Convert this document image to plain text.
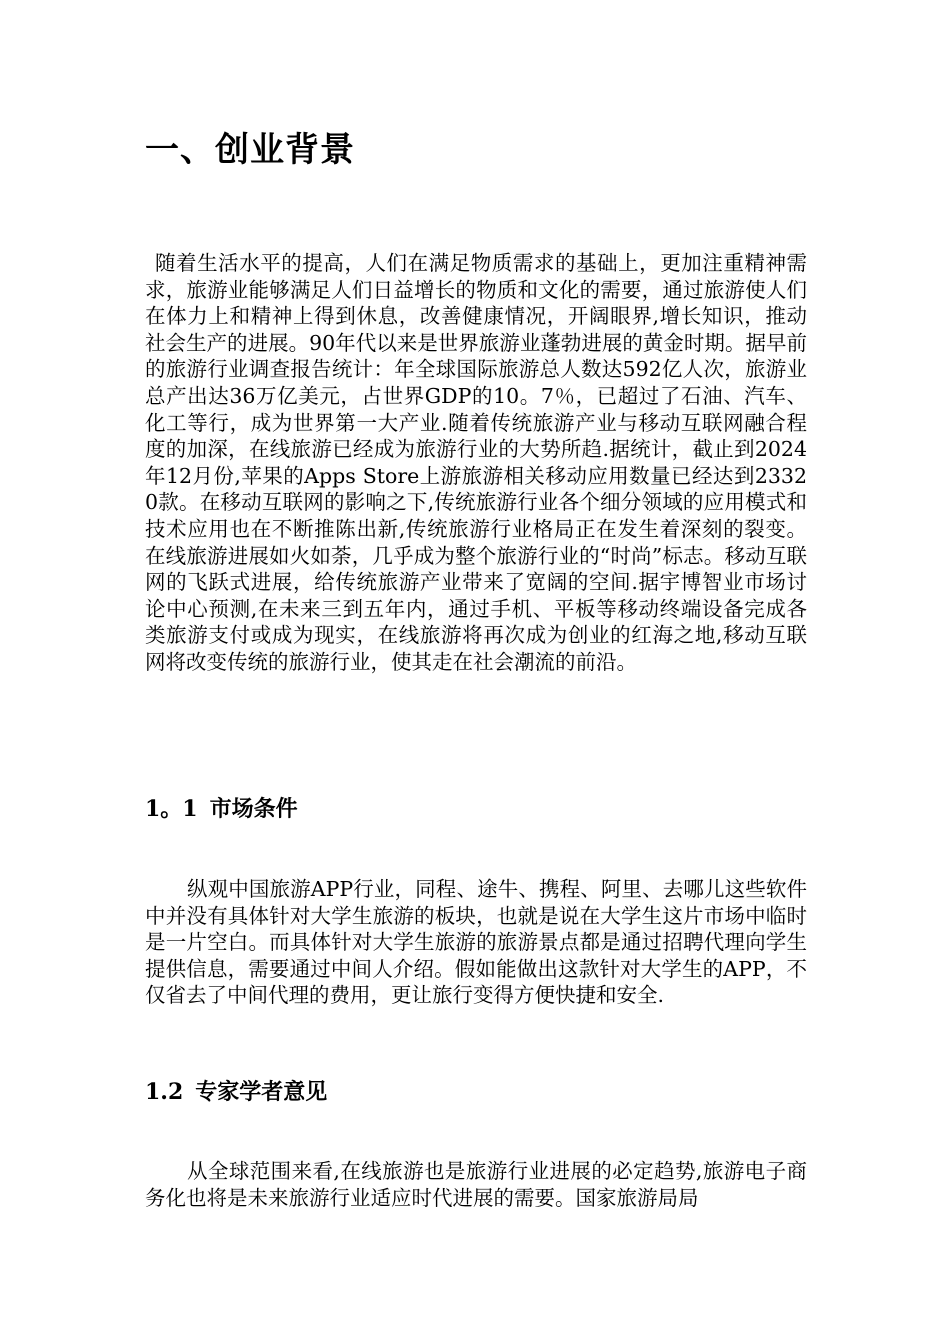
一、创业背景

随着生活水平的提高，人们在满足物质需求的基础上，更加注重精神需求，旅游业能够满足人们日益增长的物质和文化的需要，通过旅游使人们在体力上和精神上得到休息，改善健康情况，开阔眼界,增长知识，推动社会生产的进展。90年代以来是世界旅游业蓬勃进展的黄金时期。据早前的旅游行业调查报告统计：年全球国际旅游总人数达592亿人次，旅游业总产出达36万亿美元，占世界GDP的10。7％，已超过了石油、汽车、化工等行，成为世界第一大产业.随着传统旅游产业与移动互联网融合程度的加深，在线旅游已经成为旅游行业的大势所趋.据统计，截止到2024年12月份,苹果的Apps Store上游旅游相关移动应用数量已经达到23320款。在移动互联网的影响之下,传统旅游行业各个细分领域的应用模式和技术应用也在不断推陈出新,传统旅游行业格局正在发生着深刻的裂变。在线旅游进展如火如荼，几乎成为整个旅游行业的“时尚”标志。移动互联网的飞跃式进展，给传统旅游产业带来了宽阔的空间.据宇博智业市场讨论中心预测,在未来三到五年内，通过手机、平板等移动终端设备完成各类旅游支付或成为现实，在线旅游将再次成为创业的红海之地,移动互联网将改变传统的旅游行业，使其走在社会潮流的前沿。

1。1 市场条件

纵观中国旅游APP行业，同程、途牛、携程、阿里、去哪儿这些软件中并没有具体针对大学生旅游的板块，也就是说在大学生这片市场中临时是一片空白。而具体针对大学生旅游的旅游景点都是通过招聘代理向学生提供信息，需要通过中间人介绍。假如能做出这款针对大学生的APP，不仅省去了中间代理的费用，更让旅行变得方便快捷和安全.

1.2 专家学者意见

从全球范围来看,在线旅游也是旅游行业进展的必定趋势,旅游电子商务化也将是未来旅游行业适应时代进展的需要。国家旅游局局
